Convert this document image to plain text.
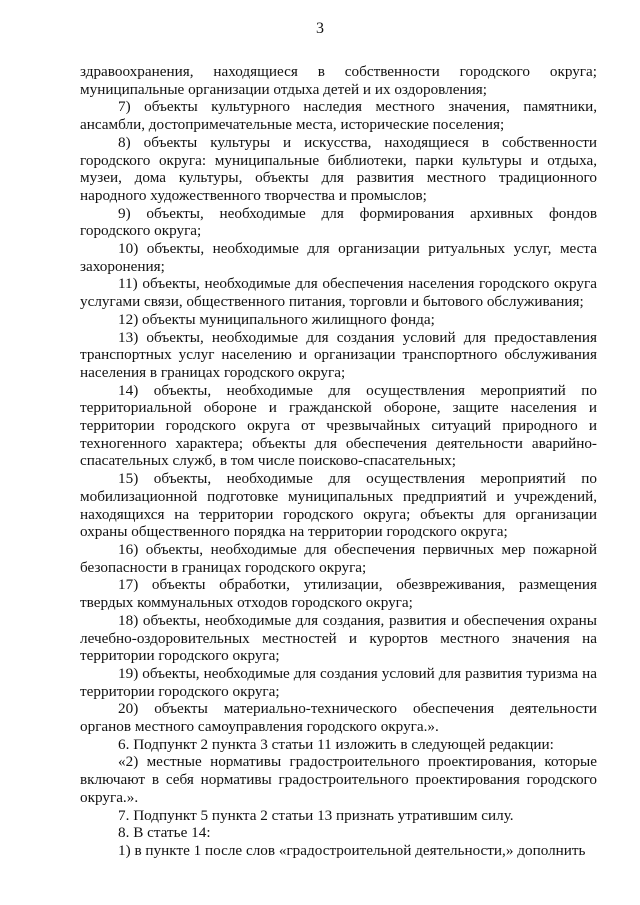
3

здравоохранения, находящиеся в собственности городского округа; муниципальные организации отдыха детей и их оздоровления;

7) объекты культурного наследия местного значения, памятники, ансамбли, достопримечательные места, исторические поселения;

8) объекты культуры и искусства, находящиеся в собственности городского округа: муниципальные библиотеки, парки культуры и отдыха, музеи, дома культуры, объекты для развития местного традиционного народного художественного творчества и промыслов;

9) объекты, необходимые для формирования архивных фондов городского округа;

10) объекты, необходимые для организации ритуальных услуг, места захоронения;

11) объекты, необходимые для обеспечения населения городского округа услугами связи, общественного питания, торговли и бытового обслуживания;

12) объекты муниципального жилищного фонда;

13) объекты, необходимые для создания условий для предоставления транспортных услуг населению и организации транспортного обслуживания населения в границах городского округа;

14) объекты, необходимые для осуществления мероприятий по территориальной обороне и гражданской обороне, защите населения и территории городского округа от чрезвычайных ситуаций природного и техногенного характера; объекты для обеспечения деятельности аварийно-спасательных служб, в том числе поисково-спасательных;

15) объекты, необходимые для осуществления мероприятий по мобилизационной подготовке муниципальных предприятий и учреждений, находящихся на территории городского округа; объекты для организации охраны общественного порядка на территории городского округа;

16) объекты, необходимые для обеспечения первичных мер пожарной безопасности в границах городского округа;

17) объекты обработки, утилизации, обезвреживания, размещения твердых коммунальных отходов городского округа;

18) объекты, необходимые для создания, развития и обеспечения охраны лечебно-оздоровительных местностей и курортов местного значения на территории городского округа;

19) объекты, необходимые для создания условий для развития туризма на территории городского округа;

20) объекты материально-технического обеспечения деятельности органов местного самоуправления городского округа.».

6. Подпункт 2 пункта 3 статьи 11 изложить в следующей редакции:

«2) местные нормативы градостроительного проектирования, которые включают в себя нормативы градостроительного проектирования городского округа.».

7. Подпункт 5 пункта 2 статьи 13 признать утратившим силу.

8. В статье 14:

1) в пункте 1 после слов «градостроительной деятельности,» дополнить
